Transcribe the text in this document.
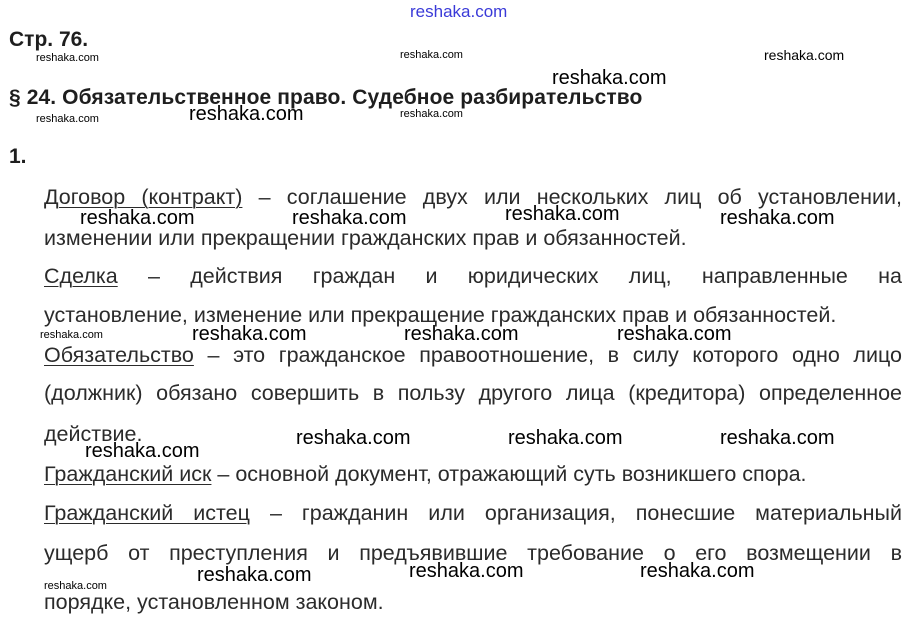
reshaka.com
reshaka.com	reshaka.com	reshaka.com
reshaka.com
reshaka.com	reshaka.com
reshaka.com
reshaka.com	reshaka.com	reshaka.com	reshaka.com
reshaka.com	reshaka.com	reshaka.com	reshaka.com
reshaka.com	reshaka.com	reshaka.com
reshaka.com
reshaka.com	reshaka.com	reshaka.com	reshaka.com
Стр. 76.
§ 24. Обязательственное право. Судебное разбирательство
1.
Договор (контракт) – соглашение двух или нескольких лиц об установлении,
изменении или прекращении гражданских прав и обязанностей.
Сделка – действия граждан и юридических лиц, направленные на
установление, изменение или прекращение гражданских прав и обязанностей.
Обязательство – это гражданское правоотношение, в силу которого одно лицо
(должник) обязано совершить в пользу другого лица (кредитора) определенное
действие.
Гражданский иск – основной документ, отражающий суть возникшего спора.
Гражданский истец – гражданин или организация, понесшие материальный
ущерб от преступления и предъявившие требование о его возмещении в
порядке, установленном законом.
